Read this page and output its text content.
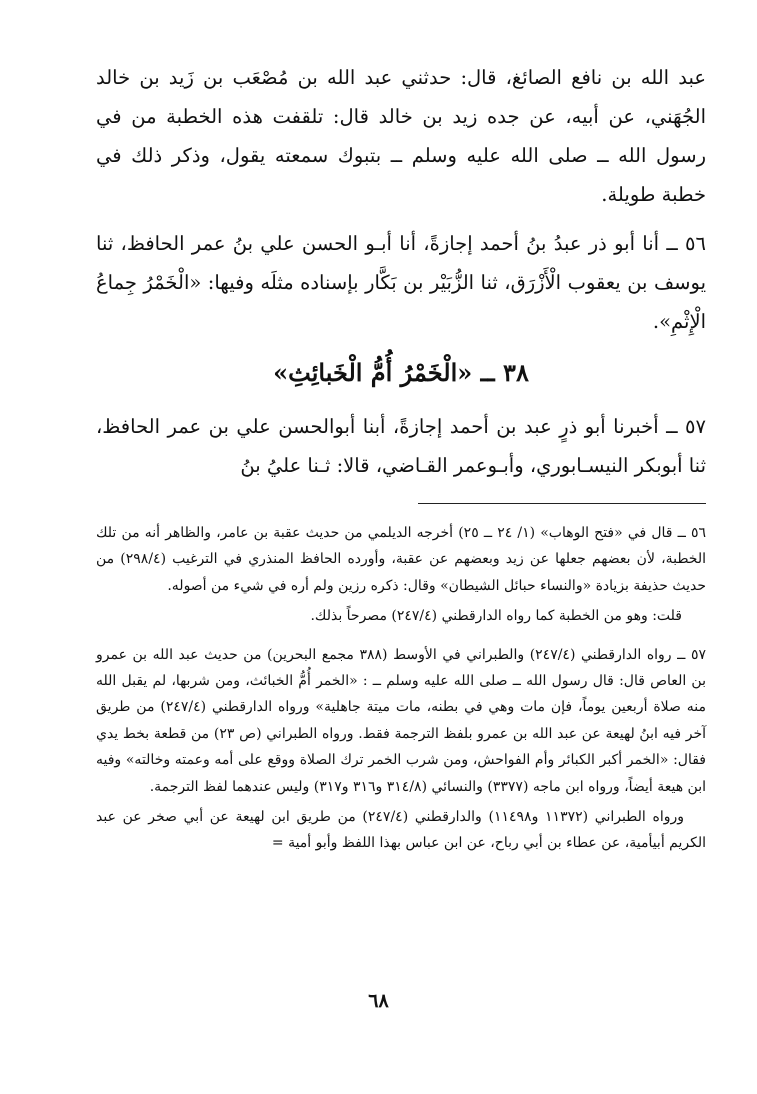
عبد الله بن نافع الصائغ، قال: حدثني عبد الله بن مُصْعَب بن زَيد بن خالد الجُهَني، عن أبيه، عن جده زيد بن خالد قال: تلقفت هذه الخطبة من في رسول الله ــ صلى الله عليه وسلم ــ بتبوك سمعته يقول، وذكر ذلك في خطبة طويلة.

٥٦ ــ أنا أبو ذر عبدُ بنُ أحمد إجازةً، أنا أبـو الحسن علي بنُ عمر الحافظ، ثنا يوسف بن يعقوب الْأَزْرَق، ثنا الزُّبَيْر بن بَكَّار بإسناده مثلَه وفيها: «الْخَمْرُ جِماعُ الْإِثْمِ».

٣٨ ــ «الْخَمْرُ أُمُّ الْخَبائِثِ»

٥٧ ــ أخبرنا أبو ذرٍ عبد بن أحمد إجازةً، أبنا أبوالحسن علي بن عمر الحافظ، ثنا أبوبكر النيسـابوري، وأبـوعمر القـاضي، قالا: ثـنا عليُ بنُ

٥٦ ــ قال في «فتح الوهاب» (١/ ٢٤ ــ ٢٥) أخرجه الديلمي من حديث عقبة بن عامر، والظاهر أنه من تلك الخطبة، لأن بعضهم جعلها عن زيد وبعضهم عن عقبة، وأورده الحافظ المنذري في الترغيب (٢٩٨/٤) من حديث حذيفة بزيادة «والنساء حبائل الشيطان» وقال: ذكره رزين ولم أره في شيء من أصوله.

قلت: وهو من الخطبة كما رواه الدارقطني (٢٤٧/٤) مصرحاً بذلك.

٥٧ ــ رواه الدارقطني (٢٤٧/٤) والطبراني في الأوسط (٣٨٨ مجمع البحرين) من حديث عبد الله بن عمرو بن العاص قال: قال رسول الله ــ صلى الله عليه وسلم ــ : «الخمر أُمُّ الخبائث، ومن شربها، لم يقبل الله منه صلاة أربعين يوماً، فإن مات وهي في بطنه، مات ميتة جاهلية» ورواه الدارقطني (٢٤٧/٤) من طريق آخر فيه ابنُ لهيعة عن عبد الله بن عمرو بلفظ الترجمة فقط. ورواه الطبراني (ص ٢٣) من قطعة بخط يدي فقال: «الخمر أكبر الكبائر وأم الفواحش، ومن شرب الخمر ترك الصلاة ووقع على أمه وعمته وخالته» وفيه ابن هيعة أيضاً، ورواه ابن ماجه (٣٣٧٧) والنسائي (٣١٤/٨ و٣١٦ و٣١٧) وليس عندهما لفظ الترجمة.

ورواه الطبراني (١١٣٧٢ و١١٤٩٨) والدارقطني (٢٤٧/٤) من طريق ابن لهيعة عن أبي صخر عن عبد الكريم أبيأمية، عن عطاء بن أبي رباح، عن ابن عباس بهذا اللفظ وأبو أمية =

٦٨
